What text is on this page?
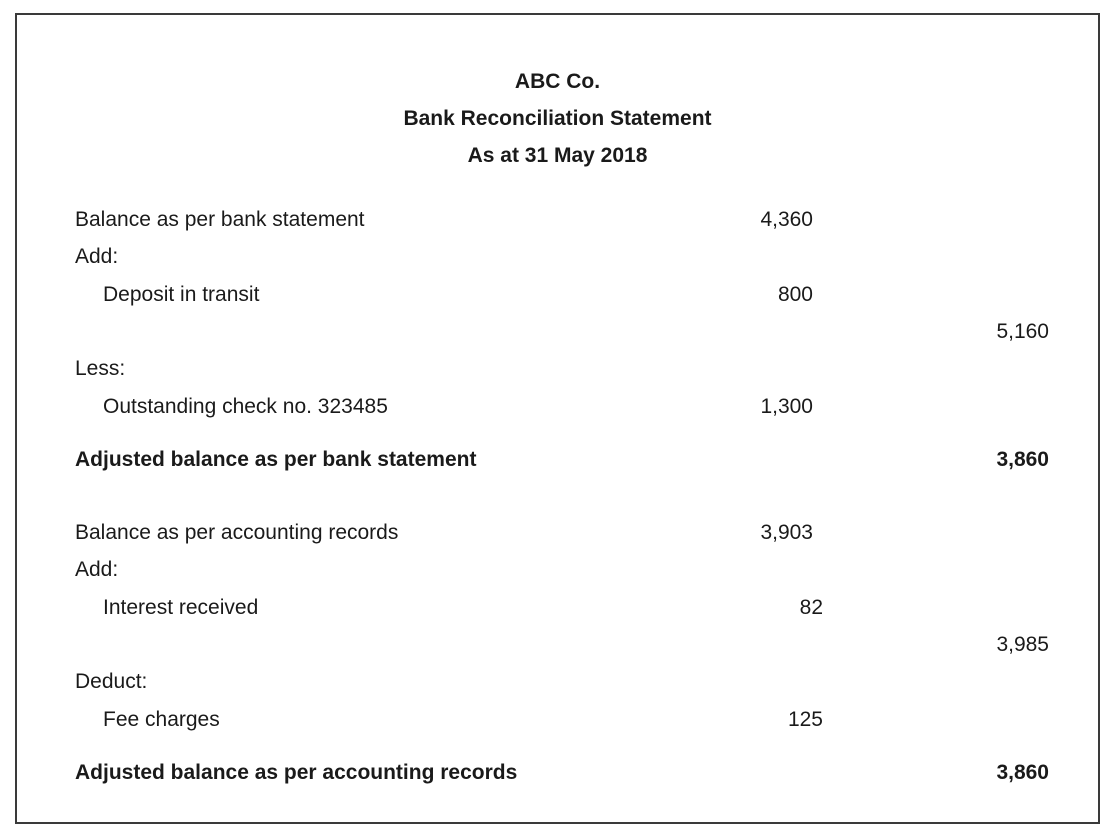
ABC Co.
Bank Reconciliation Statement
As at 31 May 2018
Balance as per bank statement	4,360
Add:
Deposit in transit	800
5,160
Less:
Outstanding check no. 323485	1,300
Adjusted balance as per bank statement	3,860
Balance as per accounting records	3,903
Add:
Interest received	82
3,985
Deduct:
Fee charges	125
Adjusted balance as per accounting records	3,860
